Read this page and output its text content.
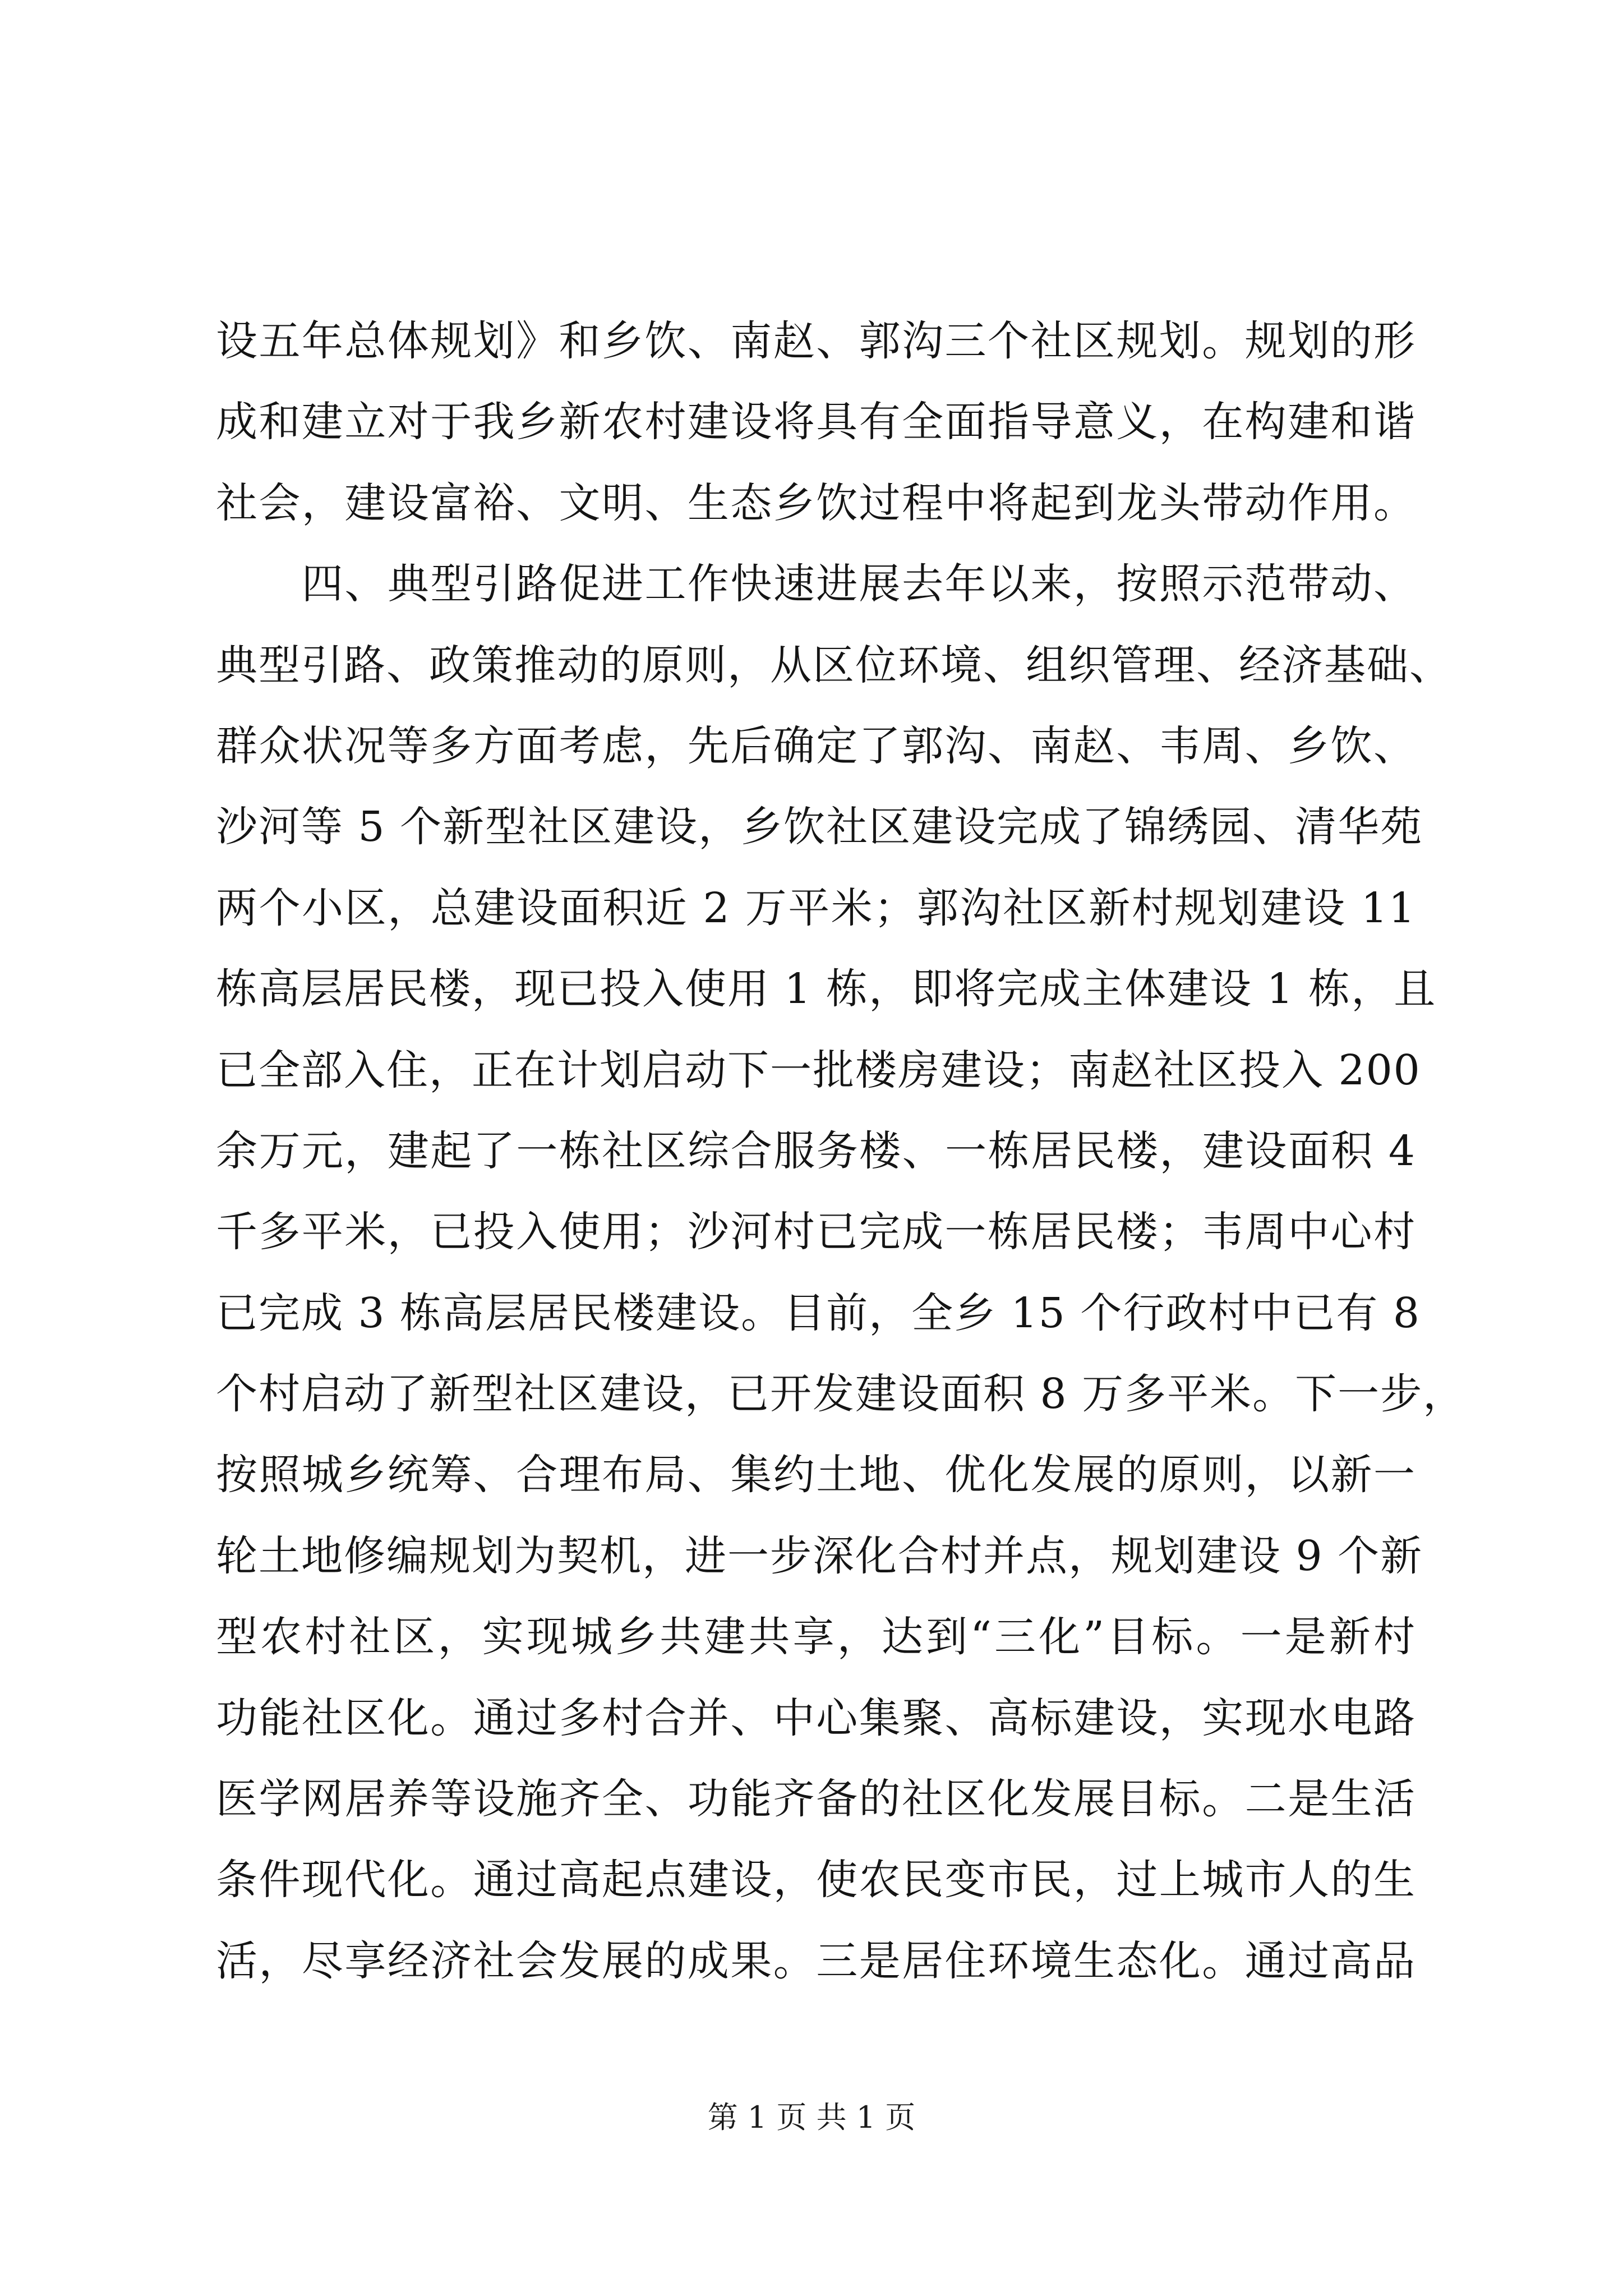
设五年总体规划》和乡饮、南赵、郭沟三个社区规划。规划的形
成和建立对于我乡新农村建设将具有全面指导意义，在构建和谐
社会，建设富裕、文明、生态乡饮过程中将起到龙头带动作用。
　　四、典型引路促进工作快速进展去年以来，按照示范带动、
典型引路、政策推动的原则，从区位环境、组织管理、经济基础、
群众状况等多方面考虑，先后确定了郭沟、南赵、韦周、乡饮、
沙河等 5 个新型社区建设，乡饮社区建设完成了锦绣园、清华苑
两个小区，总建设面积近 2 万平米；郭沟社区新村规划建设 11
栋高层居民楼，现已投入使用 1 栋，即将完成主体建设 1 栋，且
已全部入住，正在计划启动下一批楼房建设；南赵社区投入 200
余万元，建起了一栋社区综合服务楼、一栋居民楼，建设面积 4
千多平米，已投入使用；沙河村已完成一栋居民楼；韦周中心村
已完成 3 栋高层居民楼建设。目前，全乡 15 个行政村中已有 8
个村启动了新型社区建设，已开发建设面积 8 万多平米。下一步，
按照城乡统筹、合理布局、集约土地、优化发展的原则，以新一
轮土地修编规划为契机，进一步深化合村并点，规划建设 9 个新
型农村社区，实现城乡共建共享，达到“三化”目标。一是新村
功能社区化。通过多村合并、中心集聚、高标建设，实现水电路
医学网居养等设施齐全、功能齐备的社区化发展目标。二是生活
条件现代化。通过高起点建设，使农民变市民，过上城市人的生
活，尽享经济社会发展的成果。三是居住环境生态化。通过高品
第 1 页 共 1 页
